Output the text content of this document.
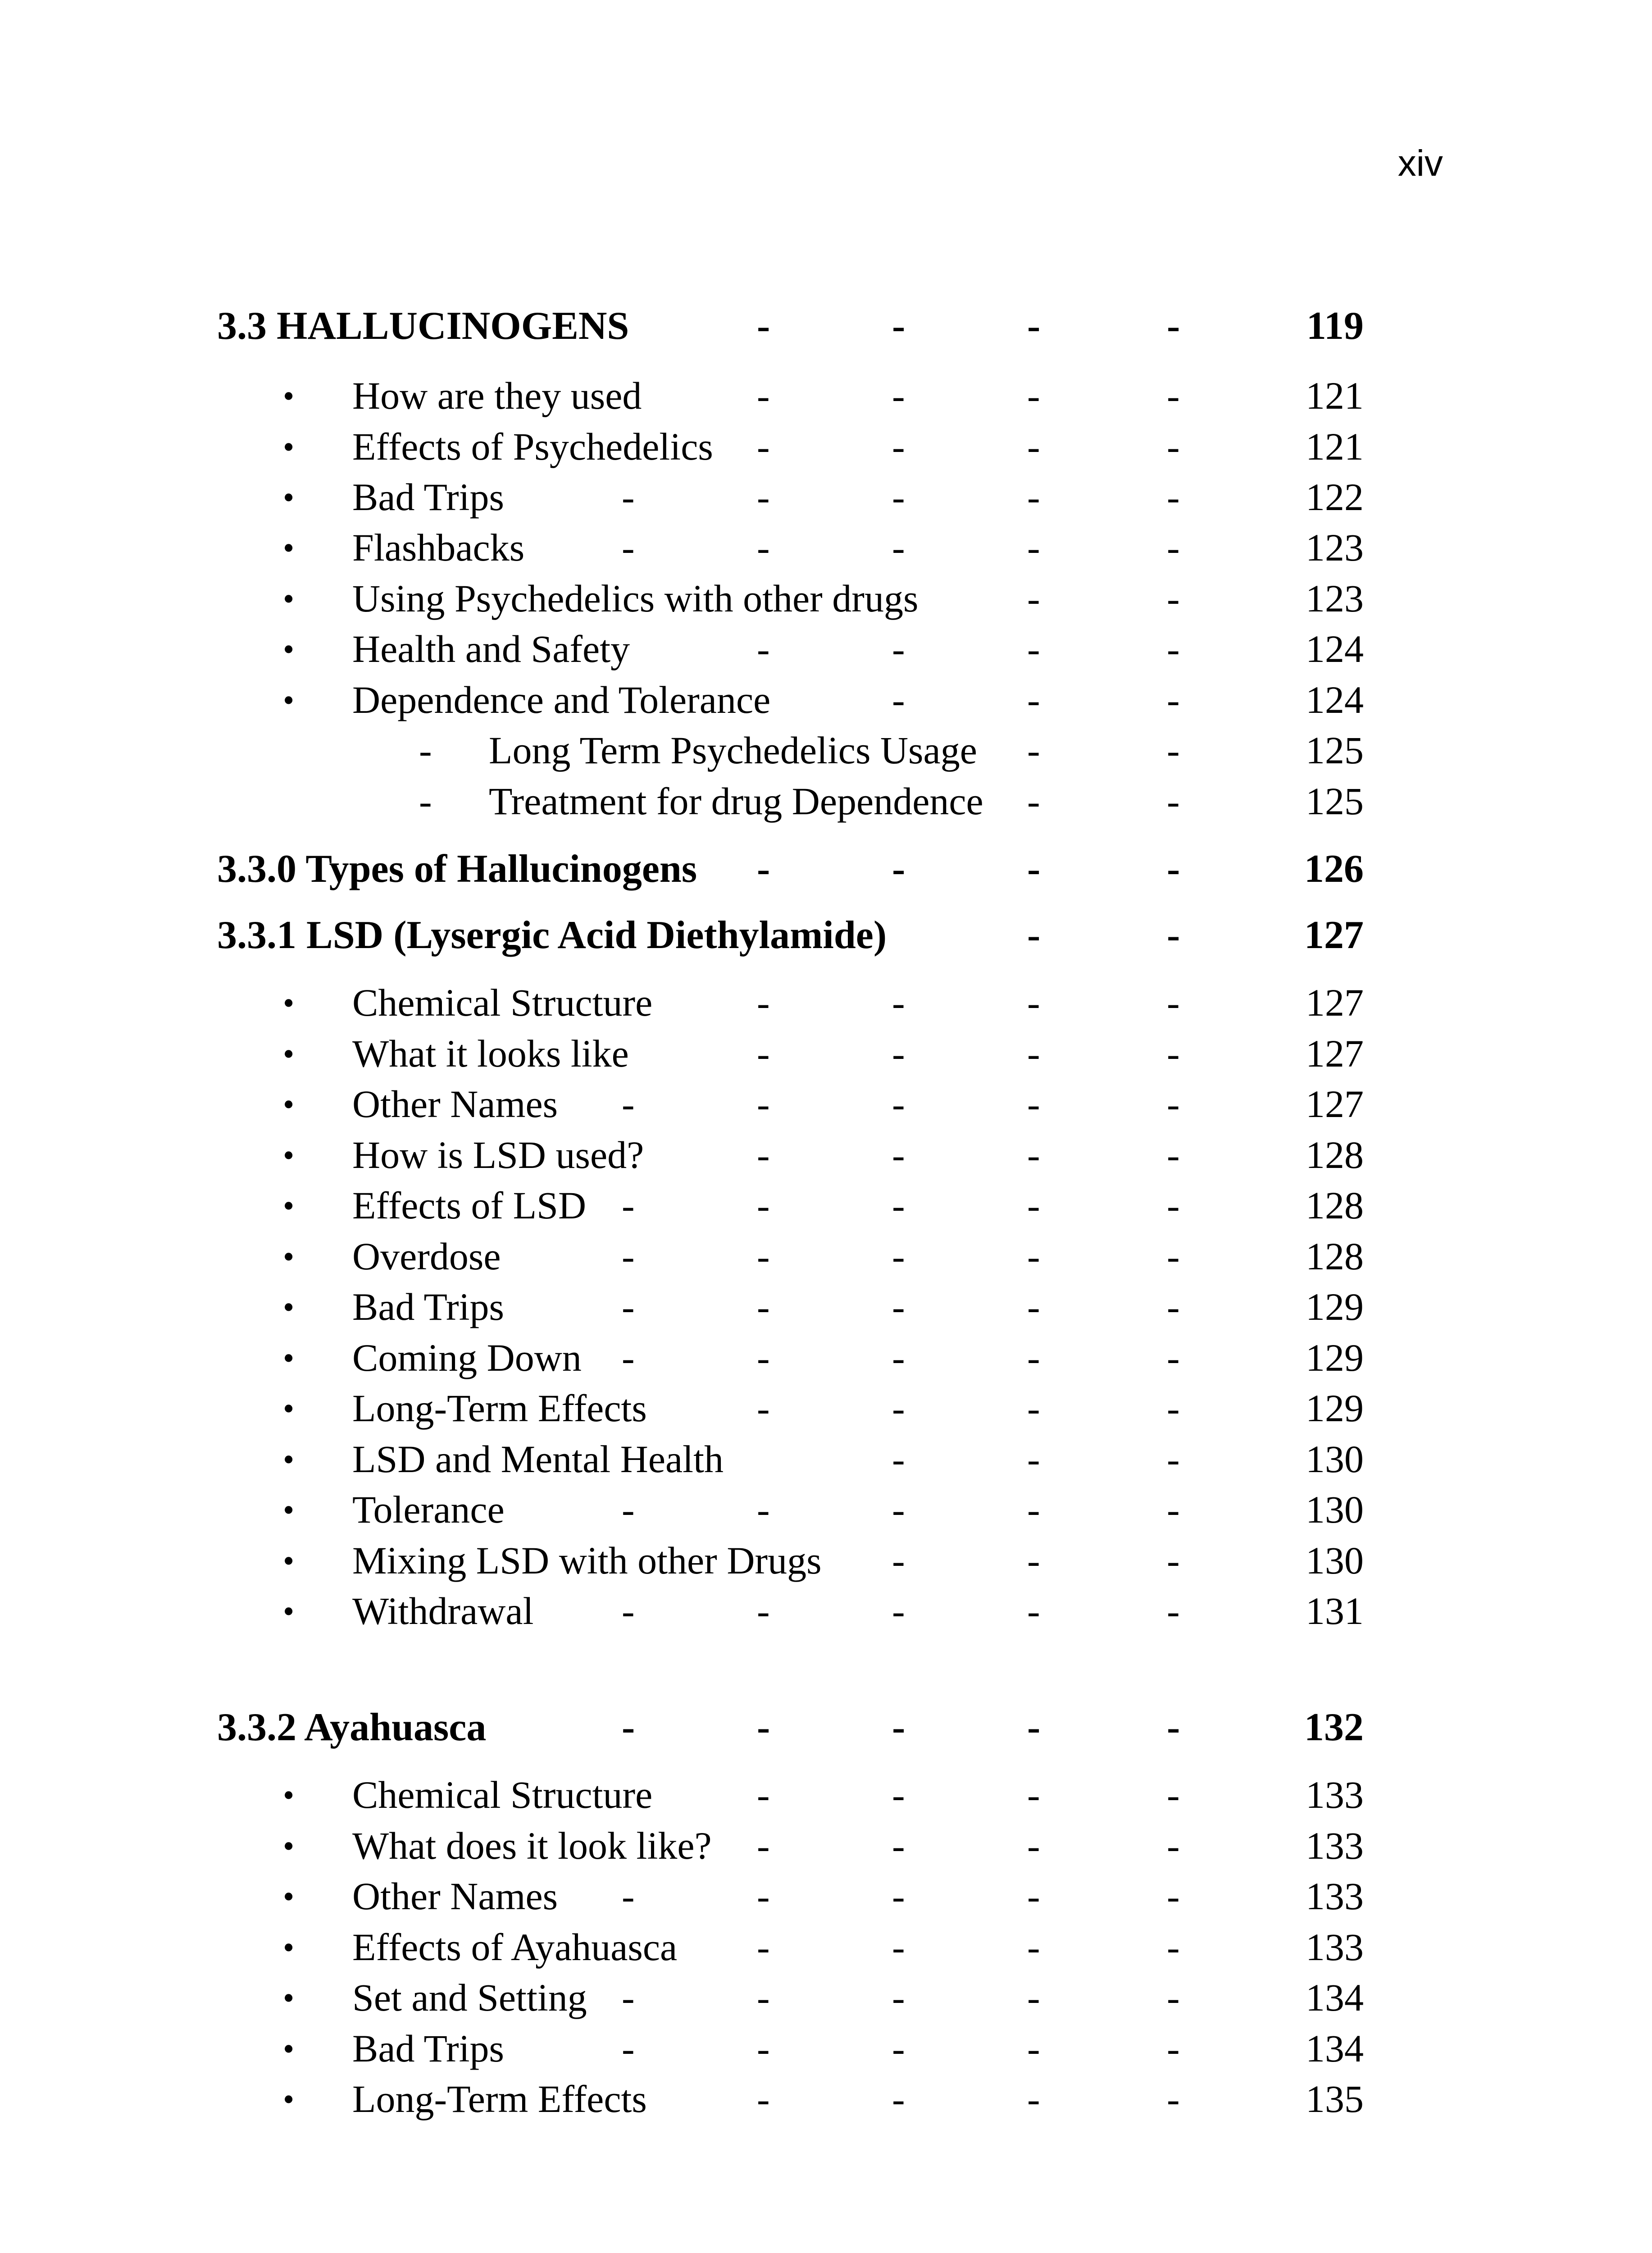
xiv
3.3 HALLUCINOGENS	-	-	-	-	119
• How are they used	-	-	-	-	121
• Effects of Psychedelics -	-	-	-	121
• Bad Trips	-	-	-	-	-	122
• Flashbacks	-	-	-	-	-	123
• Using Psychedelics with other drugs	-	-	123
• Health and Safety	-	-	-	-	124
• Dependence and Tolerance	-	-	-	124
- Long Term Psychedelics Usage -	-	125
- Treatment for drug Dependence -	-	125
3.3.0 Types of Hallucinogens -	-	-	-	126
3.3.1 LSD (Lysergic Acid Diethylamide)	-	-	127
• Chemical Structure	-	-	-	-	127
• What it looks like	-	-	-	-	127
• Other Names -	-	-	-	-	127
• How is LSD used?	-	-	-	-	128
• Effects of LSD -	-	-	-	-	128
• Overdose	-	-	-	-	-	128
• Bad Trips	-	-	-	-	-	129
• Coming Down -	-	-	-	-	129
• Long-Term Effects	-	-	-	-	129
• LSD and Mental Health	-	-	-	130
• Tolerance	-	-	-	-	-	130
• Mixing LSD with other Drugs -	-	-	130
• Withdrawal -	-	-	-	-	131
3.3.2 Ayahuasca	-	-	-	-	-	132
• Chemical Structure	-	-	-	-	133
• What does it look like? -	-	-	-	133
• Other Names -	-	-	-	-	133
• Effects of Ayahuasca -	-	-	-	133
• Set and Setting -	-	-	-	-	134
• Bad Trips	-	-	-	-	-	134
• Long-Term Effects	-	-	-	-	135
